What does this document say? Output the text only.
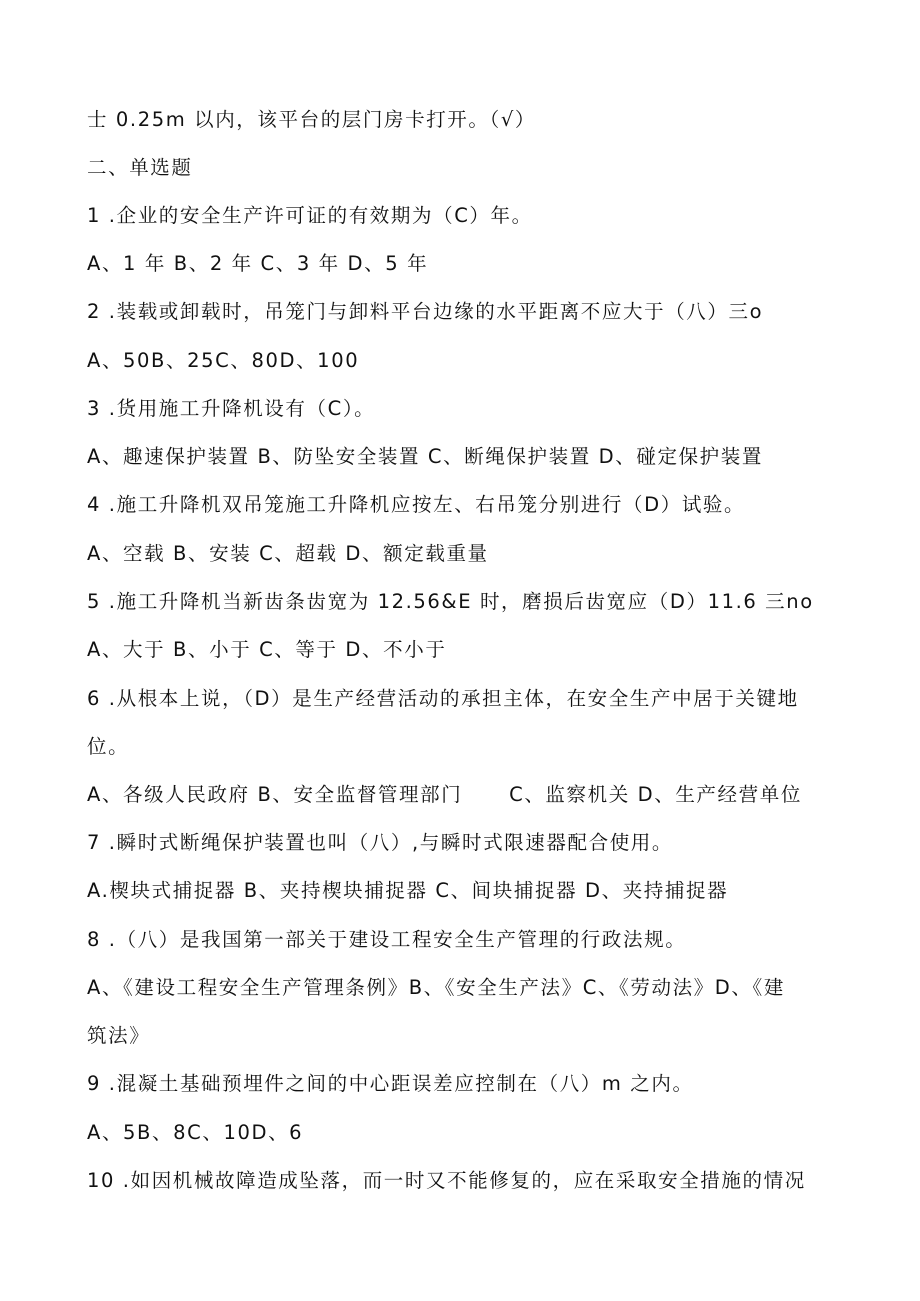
士 0.25m 以内，该平台的层门房卡打开。（√）
二、单选题
1 .企业的安全生产许可证的有效期为（C）年。
A、1 年 B、2 年 C、3 年 D、5 年
2 .装载或卸载时，吊笼门与卸料平台边缘的水平距离不应大于（八）三o
A、50B、25C、80D、100
3 .货用施工升降机设有（C）。
A、趣速保护装置 B、防坠安全装置 C、断绳保护装置 D、碰定保护装置
4 .施工升降机双吊笼施工升降机应按左、右吊笼分别进行（D）试验。
A、空载 B、安装 C、超载 D、额定载重量
5 .施工升降机当新齿条齿宽为 12.56&E 时，磨损后齿宽应（D）11.6 三no
A、大于 B、小于 C、等于 D、不小于
6 .从根本上说，（D）是生产经营活动的承担主体，在安全生产中居于关键地
位。
A、各级人民政府 B、安全监督管理部门      C、监察机关 D、生产经营单位
7 .瞬时式断绳保护装置也叫（八）,与瞬时式限速器配合使用。
A.楔块式捕捉器 B、夹持楔块捕捉器 C、间块捕捉器 D、夹持捕捉器
8 .（八）是我国第一部关于建设工程安全生产管理的行政法规。
A、《建设工程安全生产管理条例》B、《安全生产法》C、《劳动法》D、《建
筑法》
9 .混凝土基础预埋件之间的中心距误差应控制在（八）m 之内。
A、5B、8C、10D、6
10 .如因机械故障造成坠落，而一时又不能修复的，应在采取安全措施的情况
